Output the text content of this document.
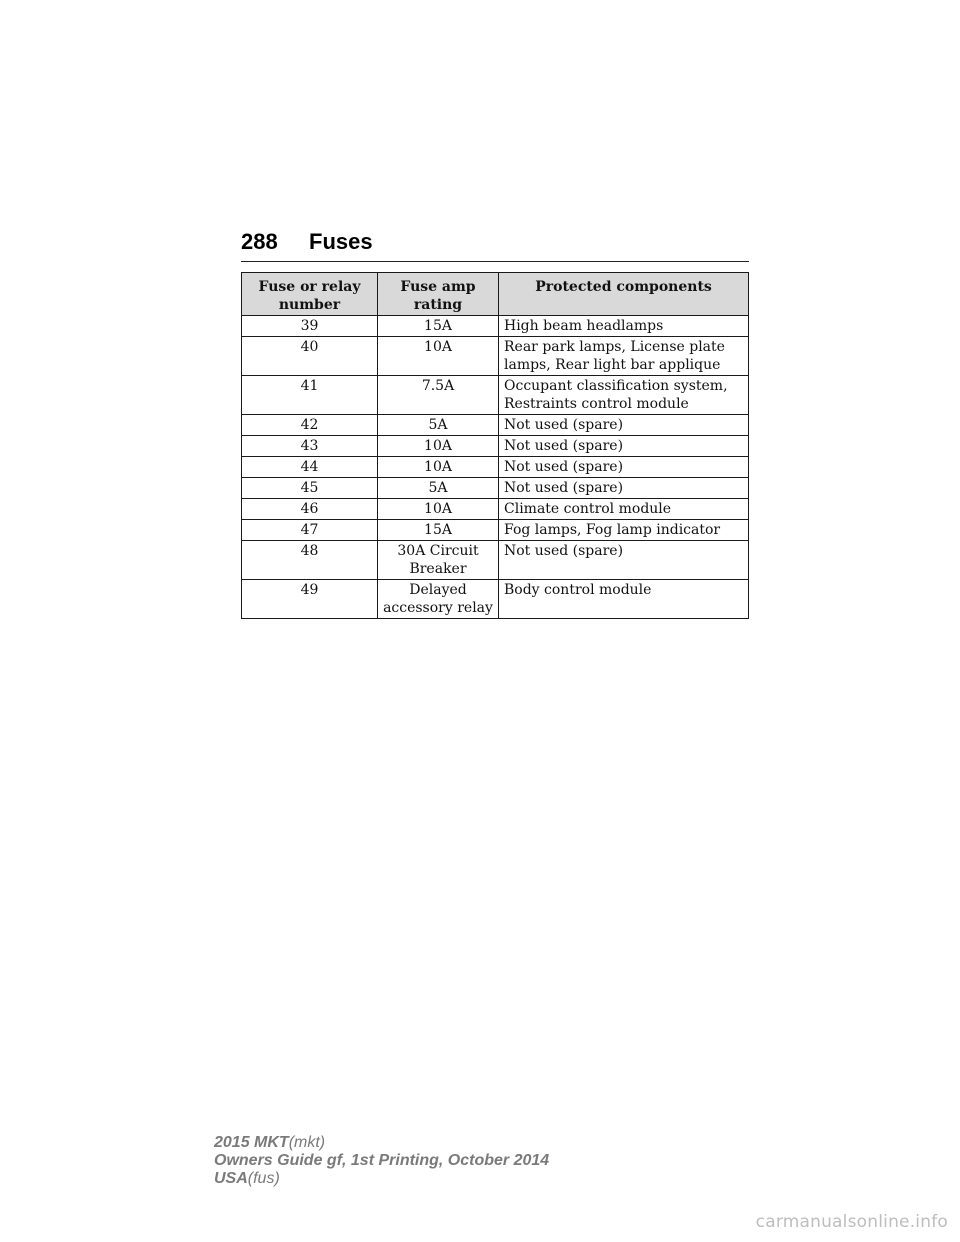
288 Fuses
Fuse or relay number	Fuse amp rating	Protected components
39	15A	High beam headlamps
40	10A	Rear park lamps, License plate lamps, Rear light bar applique
41	7.5A	Occupant classification system, Restraints control module
42	5A	Not used (spare)
43	10A	Not used (spare)
44	10A	Not used (spare)
45	5A	Not used (spare)
46	10A	Climate control module
47	15A	Fog lamps, Fog lamp indicator
48	30A Circuit Breaker	Not used (spare)
49	Delayed accessory relay	Body control module
2015 MKT(mkt)
Owners Guide gf, 1st Printing, October 2014
USA(fus)
carmanualsonline.info
